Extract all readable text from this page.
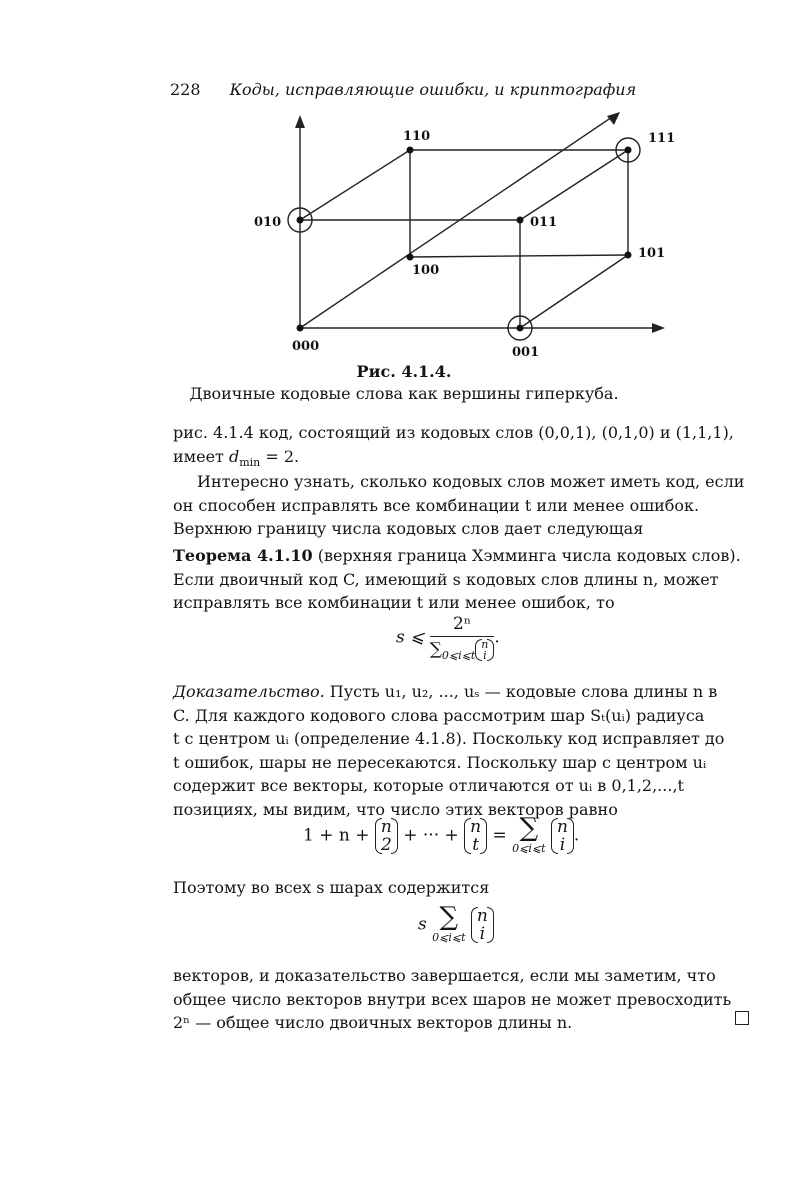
228 Коды, исправляющие ошибки, и криптография
000	001
010	011
100
101
110	111
Рис. 4.1.4.
Двоичные кодовые слова как вершины гиперкуба.
рис. 4.1.4 код, состоящий из кодовых слов (0,0,1), (0,1,0) и (1,1,1),
имеет $d_{min} = 2$.
Интересно узнать, сколько кодовых слов может иметь код, если
он способен исправлять все комбинации t или менее ошибок.
Верхнюю границу числа кодовых слов дает следующая
Теорема 4.1.10 (верхняя граница Хэмминга числа кодовых слов).
Если двоичный код C, имеющий s кодовых слов длины n, может
исправлять все комбинации t или менее ошибок, то
s ⩽ 2ⁿ
$\sum_{0⩽i⩽t}$
n
i .
Доказательство. Пусть u₁, u₂, ..., uₛ — кодовые слова длины n в
C. Для каждого кодового слова рассмотрим шар Sₜ(uᵢ) радиуса
t с центром uᵢ (определение 4.1.8). Поскольку код исправляет до
t ошибок, шары не пересекаются. Поскольку шар с центром uᵢ
содержит все векторы, которые отличаются от uᵢ в 0,1,2,...,t
позициях, мы видим, что число этих векторов равно
1 + n + n
2 + ··· + n
t = ∑
0⩽i⩽t

n
i .
Поэтому во всех s шарах содержится
s ∑
0⩽i⩽t

n
i
векторов, и доказательство завершается, если мы заметим, что
общее число векторов внутри всех шаров не может превосходить
2ⁿ — общее число двоичных векторов длины n.
